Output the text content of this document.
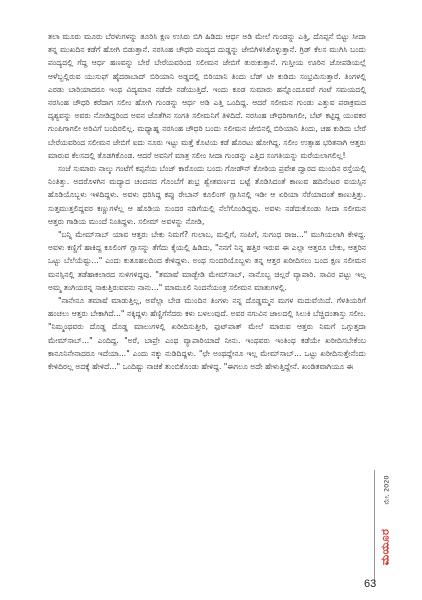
ತಲಾ ಮೂರು ಮೂರು ಬೆರಳುಗಳನ್ನು ತೂರಿಸಿ ಕ್ಷಣ ಉಸಿರು ಬಿಗಿ ಹಿಡಿದು ಆರ್ಧ ಅಡಿ ಮೇಲೆ ಗುಂಡನ್ನು ಎತ್ತಿ, ದೊಪ್ಪನೆ ಬಿಟ್ಟು ಸೀದಾ ತನ್ನ ಮುಖದಿನ ಕಡೆಗೆ ಹೋಗಿ ಬಿಡುತ್ತಾನೆ. ನರಸಿಂಹ ಚೌಧರಿ ಪಂದ್ಯದ ದುಡ್ಡನ್ನು ಜೇಬಿಗಿಳಿಸಿಕೊಳ್ಳುತ್ತಾನೆ. ಗ್ರಿಡ್ ಕೆಲಸ ಮುಗಿಸಿ ಬಂದು ಪಂದ್ಯದಲ್ಲಿ ಗೆದ್ದ ಆರ್ಧ ಹಣವನ್ನು ಬೇರೆ ಬೇರೆಯವರಿಂದ ಸಲೀಮನ ಜೇಬಿಗೆ ತುರುಕುತ್ತಾನೆ. ಗುಸ್ತೀಯ ಊರಿನ ಜೋಪಡಿಯಲ್ಲೆ ಆಳೆಬ್ಬಲ್ಲಿರುವ ಯುಸುಫ್ ಹೈದರಾಬಾದ್ ಬಿರಿಯಾನಿ ಅಡ್ಡದಲ್ಲಿ ಬಿರಿಯಾನಿ ತಿಂದು ಬೆಡ್ ಟೀ ಕುಡಿದು ಸಂಭ್ರಮಿಸುತ್ತಾರೆ. ತಿಂಗಳಲ್ಲಿ ಎರಡು ಬಾರಿಯಾದರೂ ಇಂಥ ವಿದ್ಯಮಾನ ನಡೆದೇ ನಡೆಯುತ್ತಿದೆ. ಇಂದು ಕೂಡ ಸುಮಾರು ಹನ್ನೊಂದೂವರೆ ಗಂಟೆ ಸಮಯದಲ್ಲಿ ನರಸಿಂಹ ಚೌಧರಿ ಕರೆದಾಗ ಸಲೀಂ ಹೋಗಿ ಗುಂಡನ್ನು ಆರ್ಧ ಅಡಿ ಎತ್ತಿ ಒಂದಿದ್ದ. ಆದರೆ ಸಲೀಮನ ಗುಂಡು ಎತ್ತುವ ಪರಾಕ್ರಮದ ದೃಶ್ಯವನ್ನು ಅವರು ನೋಡಿದ್ದರಿಂದ ಅವನ ಜೊತೆಗಿನ ಸಂಗತಿ ಸಲೀಮನಿಗೆ ತಿಳಿದಿದೆ. ನರಸಿಂಹ ಚೌಧರಿಗಾಗಲೀ, ಬೆಟ್ ಕಟ್ಟಿದ್ದ ಯುವಕರ ಗುಂಪಿಗಾಗಲೀ ಅರಿವಿಗೆ ಬಂದಿರಲಿಲ್ಲ. ಮಧ್ಯಾಹ್ನ ನರಸಿಂಹ ಚೌಧರಿ ಬಂದು ಸಲೀಮನ ಜೇಬಿನಲ್ಲಿ ಬಿರಿಯಾನಿ ತಿಂದು, ಚಹ ಕುಡಿದು ಬೇರೆ ಬೇರೆಯವರಿಂದ ಸಲೀಮನ ಜೇಬಿಗೆ ಐದು ನೂರು ಇಟ್ಟು ಮತ್ತೆ ಕೊಟಿಯ ಕಡೆ ಹೊರಟು ಹೋಗಿದ್ದ. ಸಲೀಂ ಉತ್ಸಾಹ ಭರಿತನಾಗಿ ಆತ್ತರು ಮಾರುವ ಕೆಲಸದಲ್ಲಿ ತೊಡಗಿಕೊಂಡ. ಆದರೆ ಅವನಿಗೆ ಮಾತ್ರ ಸಲೀಂ ಸೀದಾ ಗುಂಡನ್ನು ಎತ್ತಿದ ಸಂಗತಿಯನ್ನು ಮರೆಯಲಾಗಲಿಲ್ಲ!

ಸಂಜೆ ಸುಮಾರು ನಾಲ್ಕು ಗಂಟೆಗೆ ಕಪ್ಪನೆಯ ಬೆಂಜ್ ಕಾರೊಂದು ಬಂದು ಗೋಡೌನ್ ಕೋಠಿಯ ಪ್ರವೇಶ ದ್ವಾರದ ಮುಂದಿನ ರಸ್ತೆಯಲ್ಲಿ ನಿಂತಿತ್ತು. ಅದರೊಳಗಿನ ಮದ್ಯಾದ ಚಂದನದ ಗೊಂಬೆಗೆ ಶುಭ್ರ ಶ್ವೇತವರ್ಣದ ಬಟ್ಟೆ ತೊಡಿಸಿದಂತೆ ಕಾಣುವ ಹದಿನೆಂಟರ ವಯಸ್ಸಿನ ಹೊಡಿಯೊಬ್ಬಳು ಇಳಿದಿದ್ದಳು. ಅವಳು ಧರಿಸಿದ್ದ ಕಪ್ಪು ರೇಬಾನ್ ಕೂಲಿಂಗ್ ಗ್ಲಾಸಿನಲ್ಲಿ ಇಡೀ ಆ ಏರಿಯಾ ಸೆರೆಯಾದಂತೆ ಕಾಣುತ್ತಿತ್ತು. ಸುತ್ತಮುತ್ತಲಿದ್ದವರ ಕಣ್ಣುಗಳೆಲ್ಲ ಆ ಹೊಡಿಯ ಸುಂದರ ನಡಿಗೆಯಲ್ಲಿ ನೆಲೆಗೊಂಡಿದ್ದವು. ಅವಳು ನಡೆದುಕೊಂಡು ಸೀದಾ ಸಲೀಮನ ಆತ್ತರು ಗಾಡಿಯ ಮುಂದೆ ನಿಂತಿದ್ದಳು. ಸಲೀಮ್ ಅವಳನ್ನು ನೋಡಿ,

"ಬನ್ನಿ ಮೇಮ್‌ಸಾಬ್ ಯಾವ ಆತ್ತರು ಬೇಕು ನಿಮಗೆ? ಗುಲಾಬ, ಮಲ್ಲಿಗೆ, ಸಂಪಿಗೆ, ಸುಗಂಧ ರಾಜ..." ಮುಗಿಯಲಾಗಿ ಕೇಳಿದ್ದ. ಅವಳು ಕಣ್ಣಿಗೆ ಹಾಕಿದ್ದ ಕೂಲಿಂಗ್ ಗ್ಲಾಸನ್ನು ತೆಗೆದು ಕೈಯಲ್ಲಿ ಹಿಡಿದು, "ನನಗೆ ನಿನ್ನ ಹತ್ತಿರ ಇರುವ ಈ ಎಲ್ಲಾ ಆತ್ತರೂ ಬೇಕು, ಆತ್ತರಿನ ಒಟ್ಟು ಬೆಲೆಯೆಷ್ಟು..." ಎಂದು ಕುತೂಹಲದಿಂದ ಕೇಳಿದ್ದಳು. ಅಂಥ ಸುಂದರಿಯೊಬ್ಬಳು ತನ್ನ ಆತ್ತರ ಖರೀದಿಸಲು ಬಂದ ಕ್ಷಣ ಸಲೀಮನ ಮನಸ್ಸಿನಲ್ಲಿ ತಡೆಹಾಕಲಾರದ ಸುಳಿಗಳಿದ್ದವು. "ತಮಾಷೆ ಮಾಡ್ಬೇಡಿ ಮೇಮ್‌ಸಾಬ್, ನಾನೊಬ್ಬ ಚಿಲ್ಲರೆ ವ್ಯಾಪಾರಿ. ಸಾವಿರ ಪಟ್ಟು ಇಲ್ಲ ಅಮ್ಮ ತಂಗಿಯರನ್ನ ಸಾಕುತ್ತಿರುವವನು ನಾನು..." ಮಾಮೂಲಿ ನಿಂದನೆಯಂತ್ರ ಸಲೀಮನ ಮಾತುಗಳಲ್ಲಿ.

"ನಾನೇನೂ ತಮಾಷೆ ಮಾಡುತ್ತಿಲ್ಲ, ಅವೆಲ್ಲಾ ಬೇಡ ಮುಂದಿನ ತಿಂಗಳು ನನ್ನ ದೊಡ್ಡಮ್ಮನ ಮಗಳ ಮದುವೆಯಿದೆ. ಗೆಳತಿಯರಿಗೆ ಹಂಚಲು ಆತ್ತರು ಬೇಕಾಗಿದೆ..." ನಕ್ಕಿದ್ದಳು ಹೆಣ್ಣಿಗೆನೆದರು ಕಳು ಬಳಲುವುದೆ. ಅವರ ನಗುವಿನ ಜಾಲದಲ್ಲಿ ಸಿಲುಕಿ ಬೆಚ್ಚಿದಂತಾಸ್ತು ಸಲೀಂ. "ನಿಮ್ಮಂಥವರು ದೊಡ್ಡ ದೊಡ್ಡ ಮಾಲುಗಳಲ್ಲಿ ಖರೀದಿಸುತ್ತೀರಿ, ಫುಟ್‌ಪಾತ್ ಮೇಲೆ ಮಾರುವ ಆತ್ತರು ನಿಮಗೆ ಒಗ್ಗುತ್ತದಾ ಮೇಮ್‌ಸಾಬ್..." ಎಂದಿದ್ದ. "ಅರೆ, ಬಾಪ್ರೇ ಎಂಥ ವ್ಯಾಪಾರಿಯಾದೆ ನೀನು. ಇಂಥವರು ಇಂತಿಂಥ ಕಡೆಯೇ ಖರೀದಿಸಬೇಕೆಂಬ ಕಾನೂನಿನೇನಾದರೂ ಇದೆಯಾ..." ಎಂದು ನಕ್ಕು ನುಡಿದಿದ್ದಳು. "ಛೇ ಅಂಥದ್ದೇನೂ ಇಲ್ಲ ಮೇಮ್‌ಸಾಬ್... ಒಟ್ಟು ಖರೀದಿಸುತ್ತೇನೆಂದು ಕೇಳಿದಿರಲ್ಲ ಅದಕ್ಕೆ ಹೇಳಿದೆ..." ಒಂದಿಷ್ಟು ನಾಚಿಕೆ ತುಂಬಿಕೊಂಡು ಹೇಳಿದ್ದ. "ಈಗಲೂ ಅದೇ ಹೇಳುತ್ತಿದ್ದೇನೆ. ಖಂಡಿತವಾಗಿಯೂ ಈ

ಮಯೂರ
ಮೇ, 2020
63
